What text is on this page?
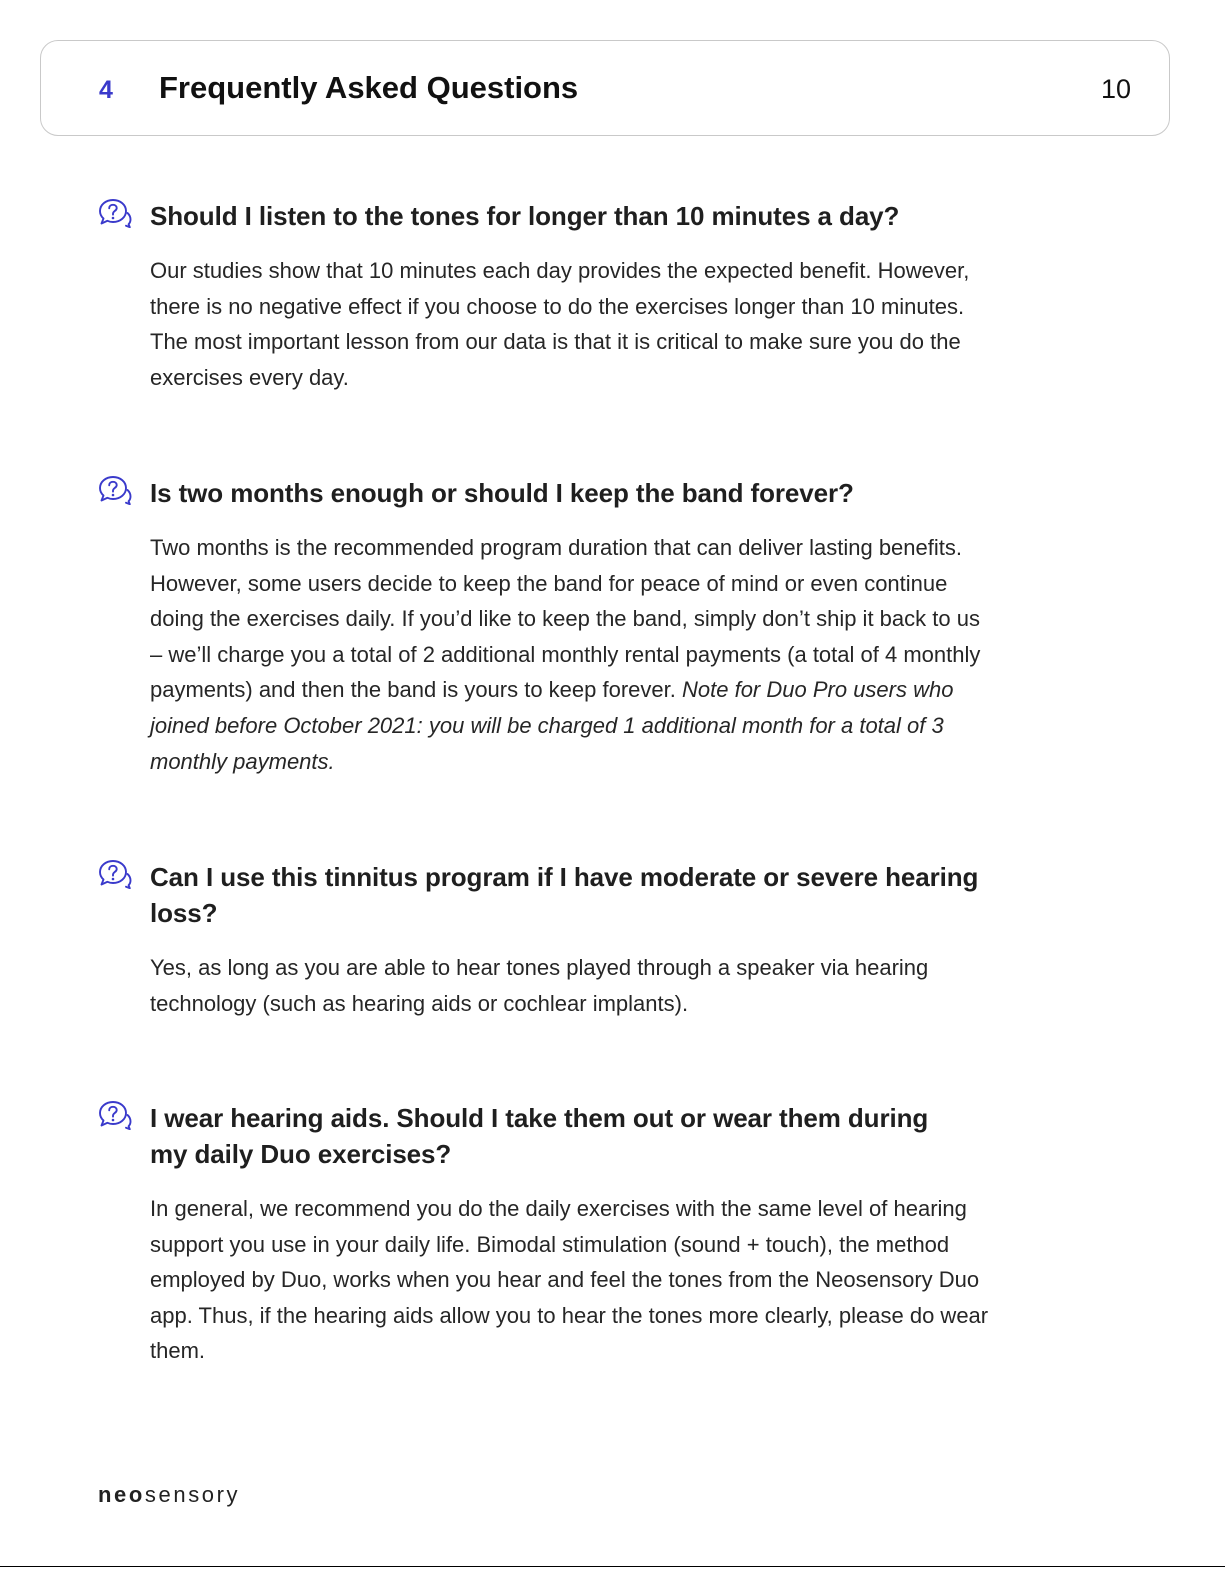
4 Frequently Asked Questions	10
Should I listen to the tones for longer than 10 minutes a day?

Our studies show that 10 minutes each day provides the expected benefit. However, there is no negative effect if you choose to do the exercises longer than 10 minutes. The most important lesson from our data is that it is critical to make sure you do the exercises every day.

Is two months enough or should I keep the band forever?

Two months is the recommended program duration that can deliver lasting benefits. However, some users decide to keep the band for peace of mind or even continue doing the exercises daily. If you’d like to keep the band, simply don’t ship it back to us – we’ll charge you a total of 2 additional monthly rental payments (a total of 4 monthly payments) and then the band is yours to keep forever. Note for Duo Pro users who joined before October 2021: you will be charged 1 additional month for a total of 3 monthly payments.

Can I use this tinnitus program if I have moderate or severe hearing loss?

Yes, as long as you are able to hear tones played through a speaker via hearing technology (such as hearing aids or cochlear implants).

I wear hearing aids. Should I take them out or wear them during my daily Duo exercises?

In general, we recommend you do the daily exercises with the same level of hearing support you use in your daily life. Bimodal stimulation (sound + touch), the method employed by Duo, works when you hear and feel the tones from the Neosensory Duo app. Thus, if the hearing aids allow you to hear the tones more clearly, please do wear them.

neosensory
